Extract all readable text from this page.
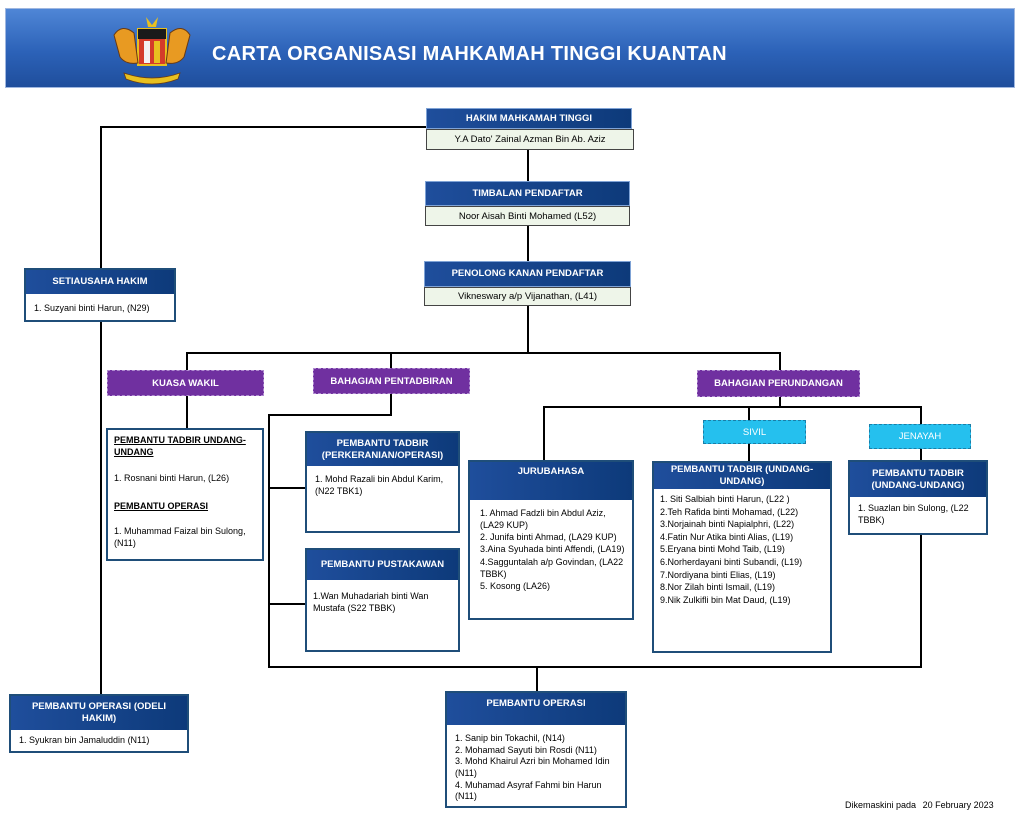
CARTA ORGANISASI MAHKAMAH TINGGI KUANTAN
HAKIM MAHKAMAH TINGGI
Y.A Dato' Zainal Azman Bin Ab. Aziz
TIMBALAN PENDAFTAR
Noor Aisah Binti Mohamed (L52)
PENOLONG KANAN PENDAFTAR
Vikneswary a/p Vijanathan, (L41)
SETIAUSAHA HAKIM
1. Suzyani binti Harun, (N29)
KUASA WAKIL	BAHAGIAN PENTADBIRAN	BAHAGIAN PERUNDANGAN
SIVIL	JENAYAH
PEMBANTU TADBIR UNDANG-UNDANG
1. Rosnani binti Harun, (L26)
PEMBANTU OPERASI
1. Muhammad Faizal bin Sulong, (N11)
PEMBANTU TADBIR (PERKERANIAN/OPERASI)
1. Mohd Razali bin Abdul Karim, (N22 TBK1)
PEMBANTU PUSTAKAWAN
1.Wan Muhadariah binti Wan Mustafa (S22 TBBK)
JURUBAHASA
1. Ahmad Fadzli bin Abdul Aziz, (LA29 KUP)
2. Junifa binti Ahmad, (LA29 KUP)
3.Aina Syuhada binti Affendi, (LA19)
4.Sagguntalah a/p Govindan, (LA22 TBBK)
5. Kosong (LA26)
PEMBANTU TADBIR (UNDANG-UNDANG)
1. Siti Salbiah binti Harun, (L22 )
2.Teh Rafida binti Mohamad, (L22)
3.Norjainah binti Napialphri, (L22)
4.Fatin Nur Atika binti Alias, (L19)
5.Eryana binti Mohd Taib, (L19)
6.Norherdayani binti Subandi, (L19)
7.Nordiyana binti Elias, (L19)
8.Nor Zilah binti Ismail, (L19)
9.Nik Zulkifli bin Mat Daud, (L19)
PEMBANTU TADBIR (UNDANG-UNDANG)
1. Suazlan bin Sulong, (L22 TBBK)
PEMBANTU OPERASI (ODELI HAKIM)
1. Syukran bin Jamaluddin (N11)
PEMBANTU OPERASI
1. Sanip bin Tokachil, (N14)
2. Mohamad Sayuti bin Rosdi (N11)
3. Mohd Khairul Azri bin Mohamed Idin (N11)
4. Muhamad Asyraf Fahmi bin Harun (N11)
Dikemaskini pada 20 February 2023
